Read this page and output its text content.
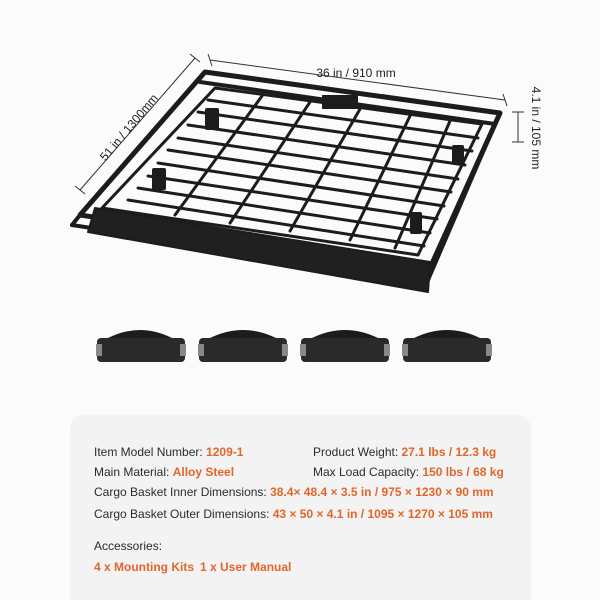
36 in / 910 mm
51 in / 1300mm	4.1 in / 105 mm
Item Model Number: 1209-1	Product Weight: 27.1 lbs / 12.3 kg
Main Material: Alloy Steel	Max Load Capacity: 150 lbs / 68 kg
Cargo Basket Inner Dimensions: 38.4× 48.4 × 3.5 in / 975 × 1230 × 90 mm
Cargo Basket Outer Dimensions: 43 × 50 × 4.1 in / 1095 × 1270 × 105 mm
Accessories:
4 x Mounting Kits 1 x User Manual
